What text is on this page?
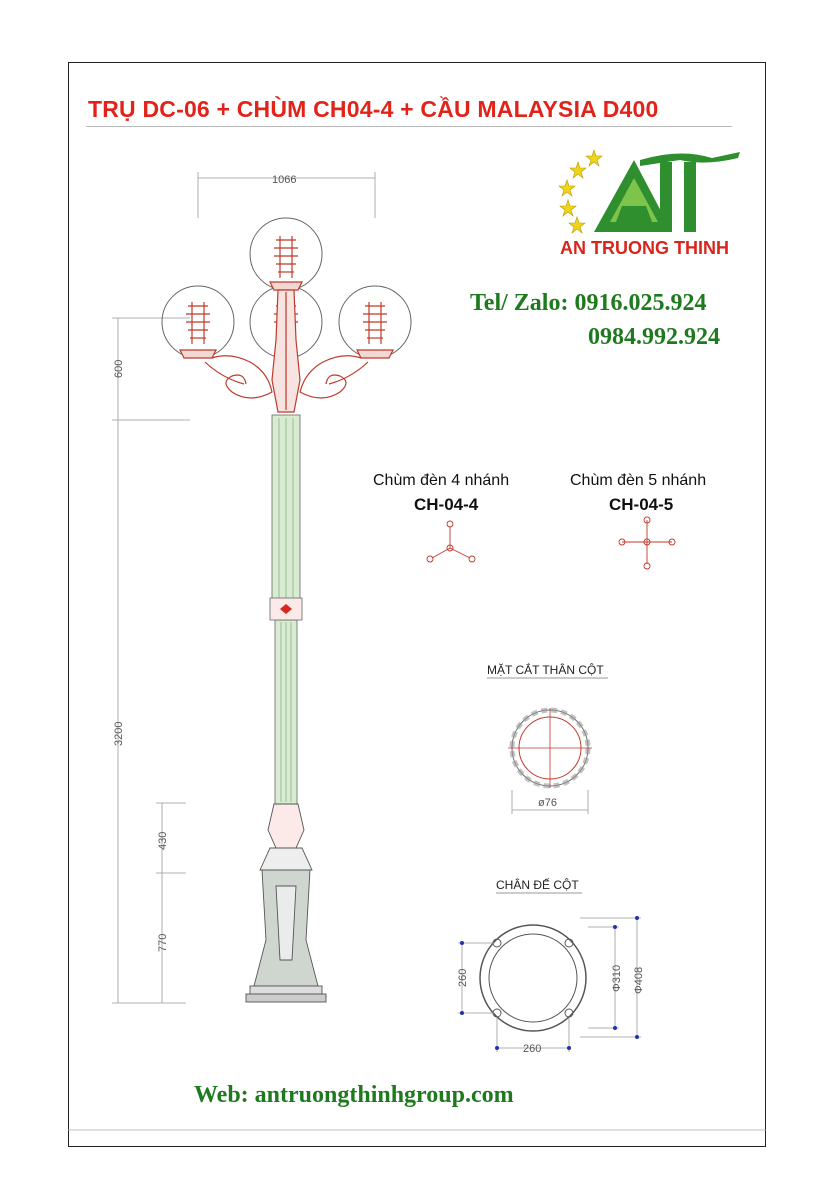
TRỤ DC-06 + CHÙM CH04-4 + CẦU MALAYSIA D400
1066
600
3200
430
770
ø76
260
260
Φ310 Φ408
AN TRUONG THINH
Tel/ Zalo: 0916.025.924
0984.992.924
Chùm đèn 4 nhánh
CH-04-4
Chùm đèn 5 nhánh
CH-04-5
MẶT CẮT THÂN CỘT
CHÂN ĐẾ CỘT
Web: antruongthinhgroup.com
